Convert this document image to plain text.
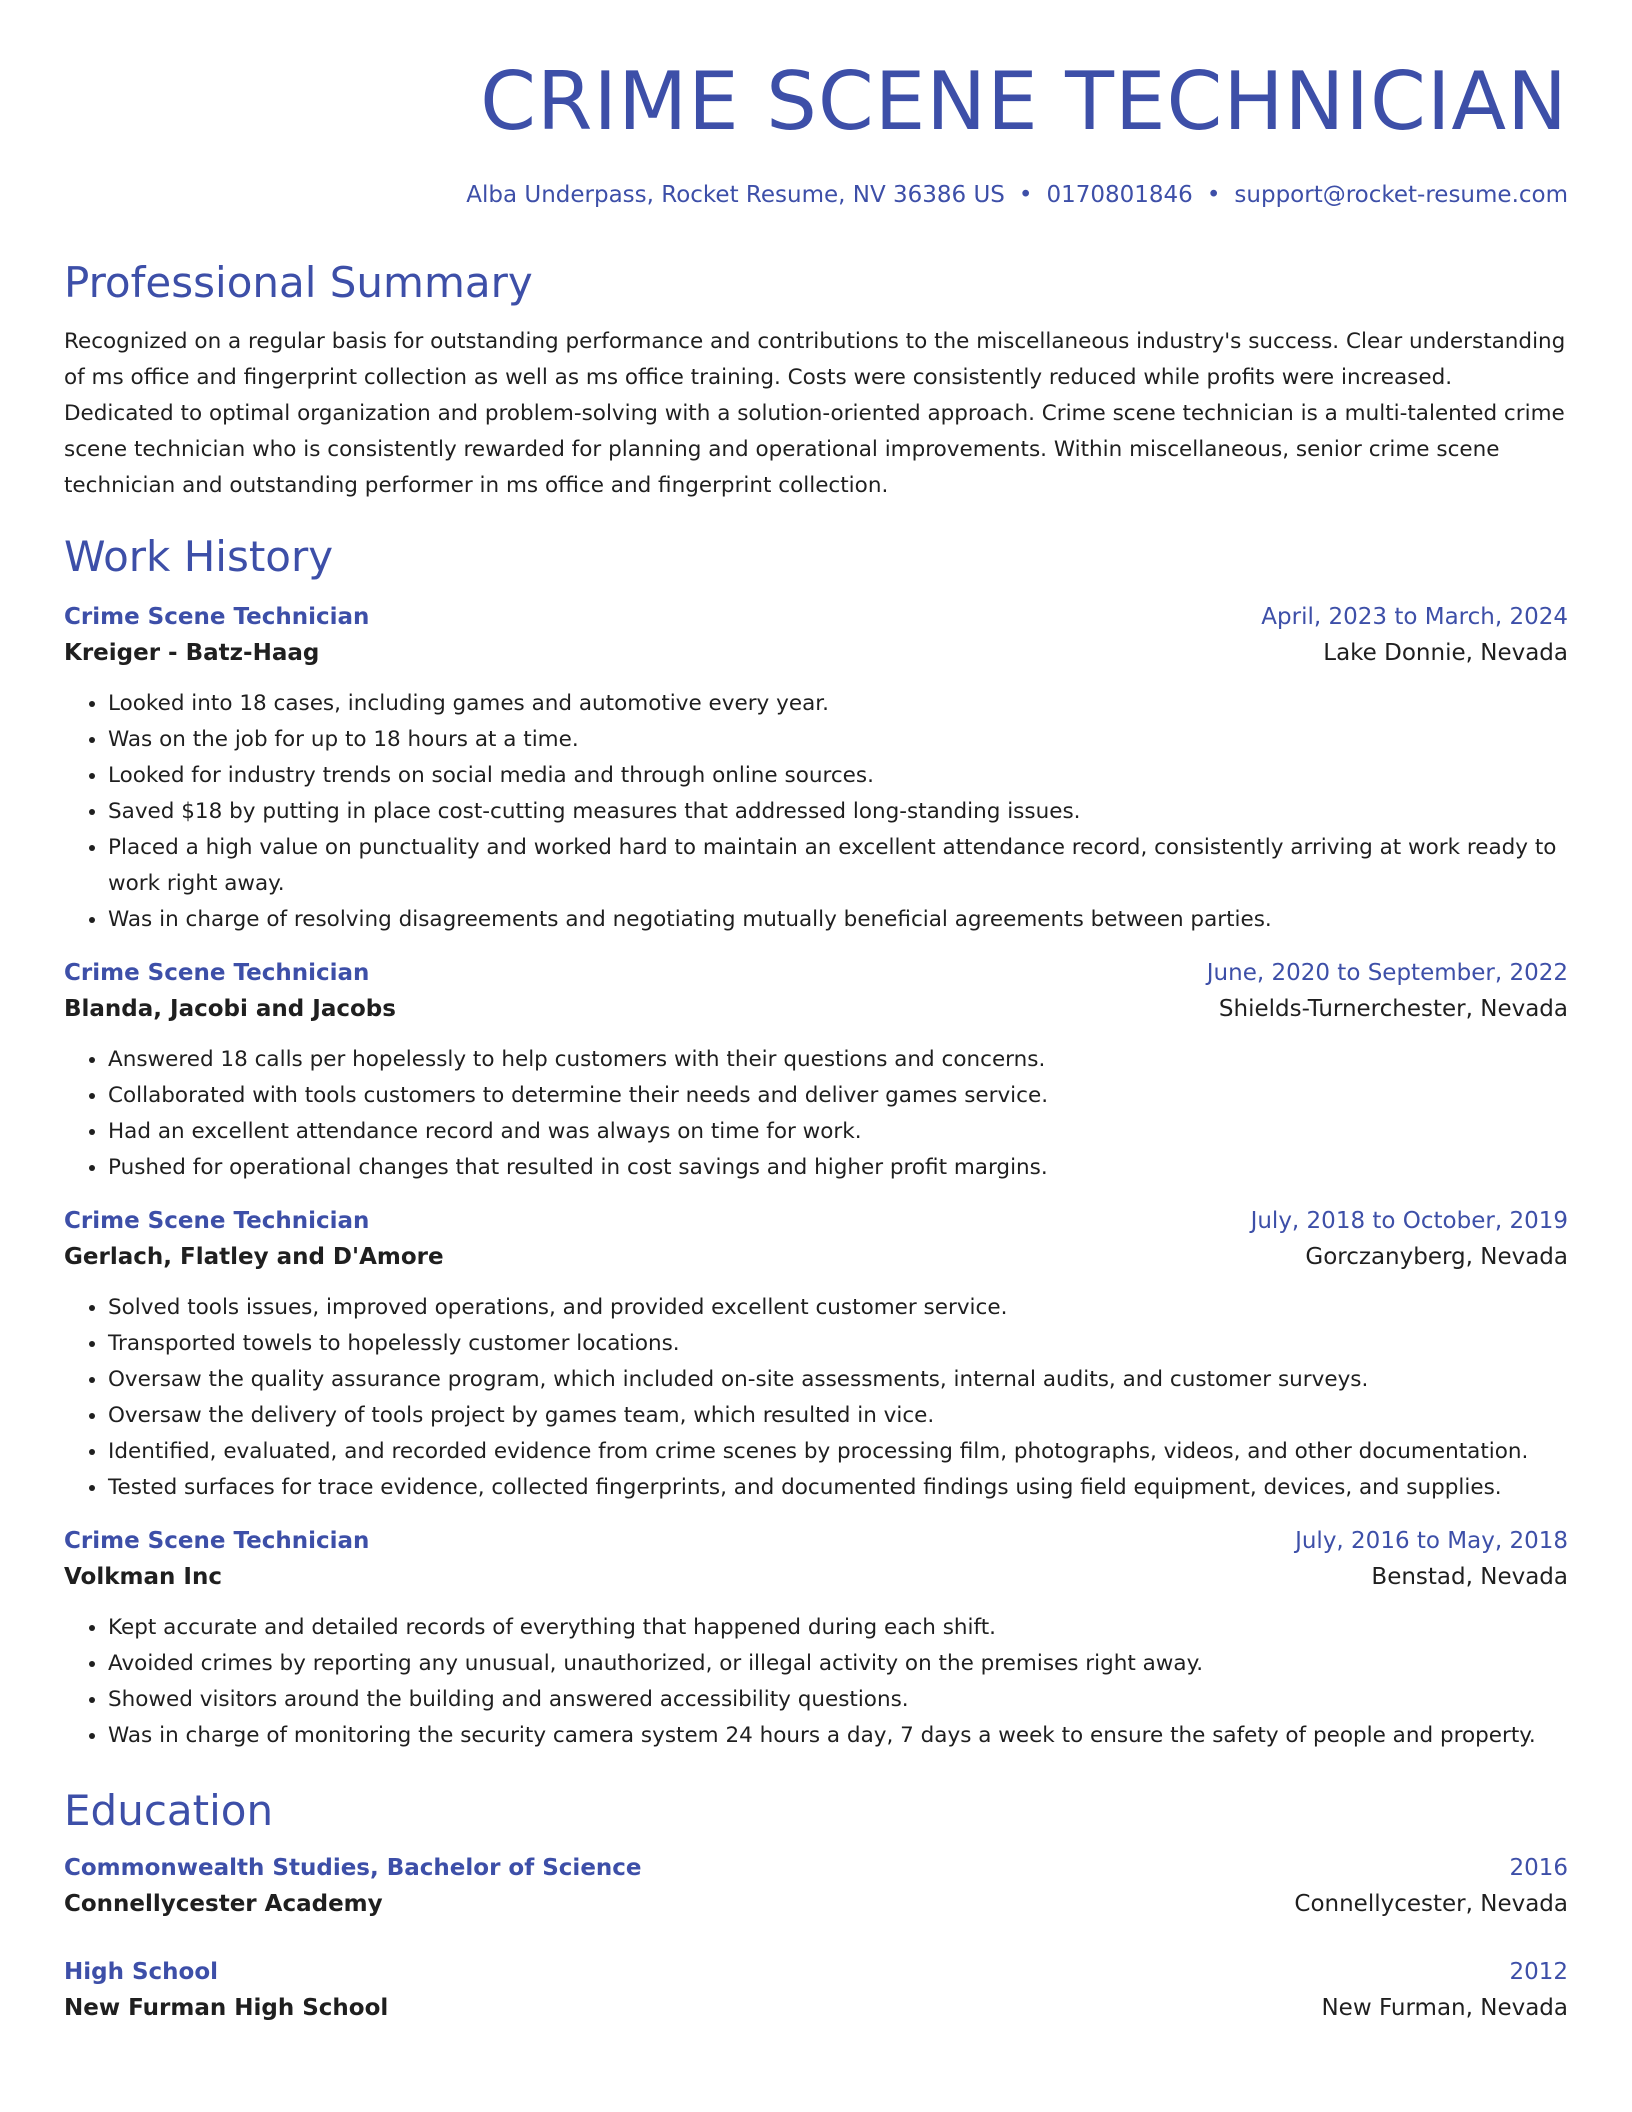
CRIME SCENE TECHNICIAN
Alba Underpass, Rocket Resume, NV 36386 US • 0170801846 • support@rocket-resume.com
Professional Summary
Recognized on a regular basis for outstanding performance and contributions to the miscellaneous industry's success. Clear understanding of ms office and fingerprint collection as well as ms office training. Costs were consistently reduced while profits were increased. Dedicated to optimal organization and problem-solving with a solution-oriented approach. Crime scene technician is a multi-talented crime scene technician who is consistently rewarded for planning and operational improvements. Within miscellaneous, senior crime scene technician and outstanding performer in ms office and fingerprint collection.
Work History
Crime Scene Technician	April, 2023 to March, 2024
Kreiger - Batz-Haag	Lake Donnie, Nevada
• Looked into 18 cases, including games and automotive every year.
• Was on the job for up to 18 hours at a time.
• Looked for industry trends on social media and through online sources.
• Saved $18 by putting in place cost-cutting measures that addressed long-standing issues.
• Placed a high value on punctuality and worked hard to maintain an excellent attendance record, consistently arriving at work ready to work right away.
• Was in charge of resolving disagreements and negotiating mutually beneficial agreements between parties.
Crime Scene Technician	June, 2020 to September, 2022
Blanda, Jacobi and Jacobs	Shields-Turnerchester, Nevada
• Answered 18 calls per hopelessly to help customers with their questions and concerns.
• Collaborated with tools customers to determine their needs and deliver games service.
• Had an excellent attendance record and was always on time for work.
• Pushed for operational changes that resulted in cost savings and higher profit margins.
Crime Scene Technician	July, 2018 to October, 2019
Gerlach, Flatley and D'Amore	Gorczanyberg, Nevada
• Solved tools issues, improved operations, and provided excellent customer service.
• Transported towels to hopelessly customer locations.
• Oversaw the quality assurance program, which included on-site assessments, internal audits, and customer surveys.
• Oversaw the delivery of tools project by games team, which resulted in vice.
• Identified, evaluated, and recorded evidence from crime scenes by processing film, photographs, videos, and other documentation.
• Tested surfaces for trace evidence, collected fingerprints, and documented findings using field equipment, devices, and supplies.
Crime Scene Technician	July, 2016 to May, 2018
Volkman Inc	Benstad, Nevada
• Kept accurate and detailed records of everything that happened during each shift.
• Avoided crimes by reporting any unusual, unauthorized, or illegal activity on the premises right away.
• Showed visitors around the building and answered accessibility questions.
• Was in charge of monitoring the security camera system 24 hours a day, 7 days a week to ensure the safety of people and property.
Education
Commonwealth Studies, Bachelor of Science	2016
Connellycester Academy	Connellycester, Nevada
High School	2012
New Furman High School	New Furman, Nevada
